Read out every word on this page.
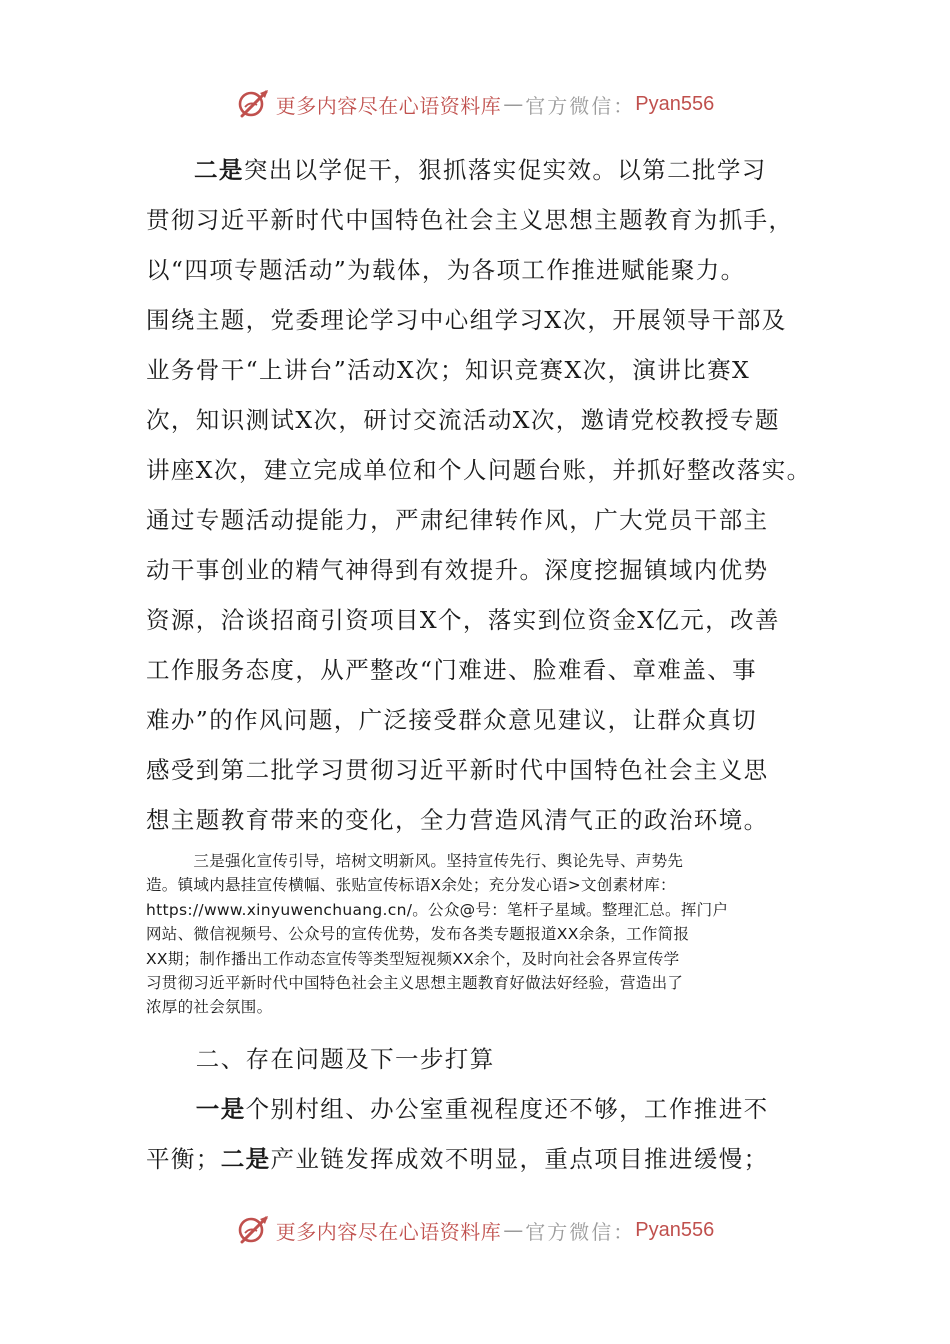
更多内容尽在心语资料库 — 官方微信： Pyan556
二是突出以学促干，狠抓落实促实效。以第二批学习
贯彻习近平新时代中国特色社会主义思想主题教育为抓手，
以“四项专题活动”为载体，为各项工作推进赋能聚力。
围绕主题，党委理论学习中心组学习X次，开展领导干部及
业务骨干“上讲台”活动X次；知识竞赛X次，演讲比赛X
次，知识测试X次，研讨交流活动X次，邀请党校教授专题
讲座X次，建立完成单位和个人问题台账，并抓好整改落实。
通过专题活动提能力，严肃纪律转作风，广大党员干部主
动干事创业的精气神得到有效提升。深度挖掘镇域内优势
资源，洽谈招商引资项目X个，落实到位资金X亿元，改善
工作服务态度，从严整改“门难进、脸难看、章难盖、事
难办”的作风问题，广泛接受群众意见建议，让群众真切
感受到第二批学习贯彻习近平新时代中国特色社会主义思
想主题教育带来的变化，全力营造风清气正的政治环境。
　　　三是强化宣传引导，培树文明新风。坚持宣传先行、舆论先导、声势先
造。镇域内悬挂宣传横幅、张贴宣传标语X余处；充分发心语>文创素材库：
https://www.xinyuwenchuang.cn/。公众@号：笔杆子星域。整理汇总。挥门户
网站、微信视频号、公众号的宣传优势，发布各类专题报道XX余条，工作简报
XX期；制作播出工作动态宣传等类型短视频XX余个，及时向社会各界宣传学
习贯彻习近平新时代中国特色社会主义思想主题教育好做法好经验，营造出了
浓厚的社会氛围。
　　二、存在问题及下一步打算
　　一是个别村组、办公室重视程度还不够，工作推进不
平衡；二是产业链发挥成效不明显，重点项目推进缓慢；
更多内容尽在心语资料库 — 官方微信： Pyan556
